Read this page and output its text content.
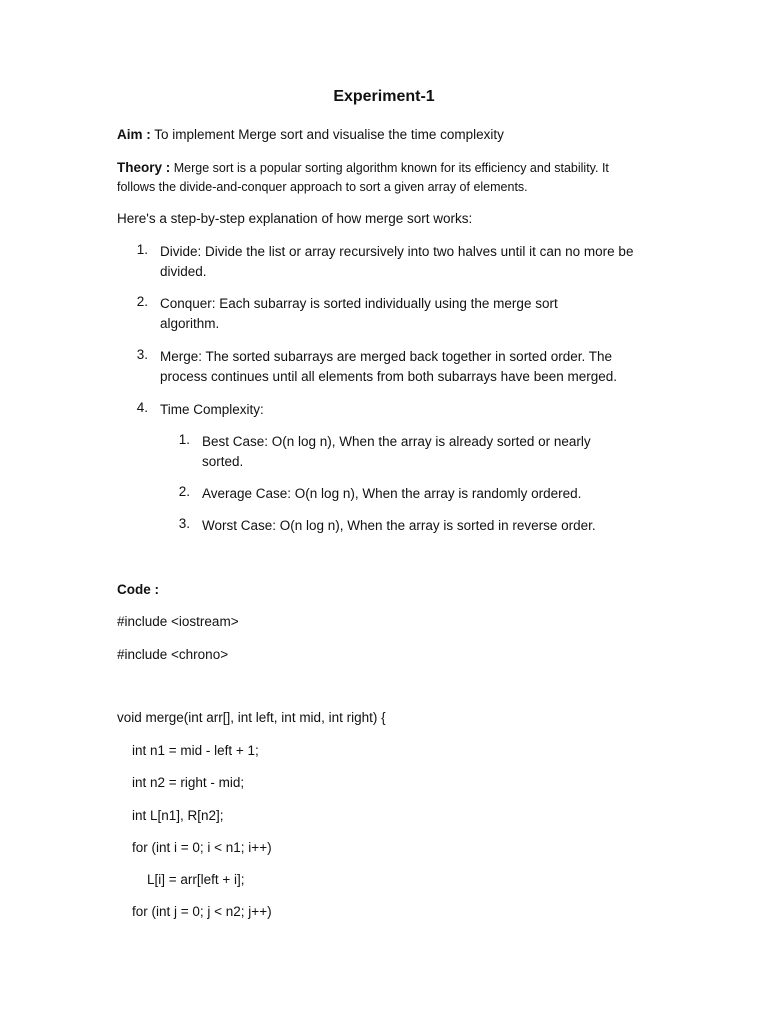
Experiment-1
Aim : To implement Merge sort and visualise the time complexity
Theory : Merge sort is a popular sorting algorithm known for its efficiency and stability. It
follows the divide-and-conquer approach to sort a given array of elements.
Here's a step-by-step explanation of how merge sort works:
1. Divide: Divide the list or array recursively into two halves until it can no more be divided.
2. Conquer: Each subarray is sorted individually using the merge sort algorithm.
3. Merge: The sorted subarrays are merged back together in sorted order. The process continues until all elements from both subarrays have been merged.
4. Time Complexity:
1. Best Case: O(n log n), When the array is already sorted or nearly sorted.
2. Average Case: O(n log n), When the array is randomly ordered.
3. Worst Case: O(n log n), When the array is sorted in reverse order.
Code :
#include <iostream>
#include <chrono>
void merge(int arr[], int left, int mid, int right) {
int n1 = mid - left + 1;
int n2 = right - mid;
int L[n1], R[n2];
for (int i = 0; i < n1; i++)
L[i] = arr[left + i];
for (int j = 0; j < n2; j++)
